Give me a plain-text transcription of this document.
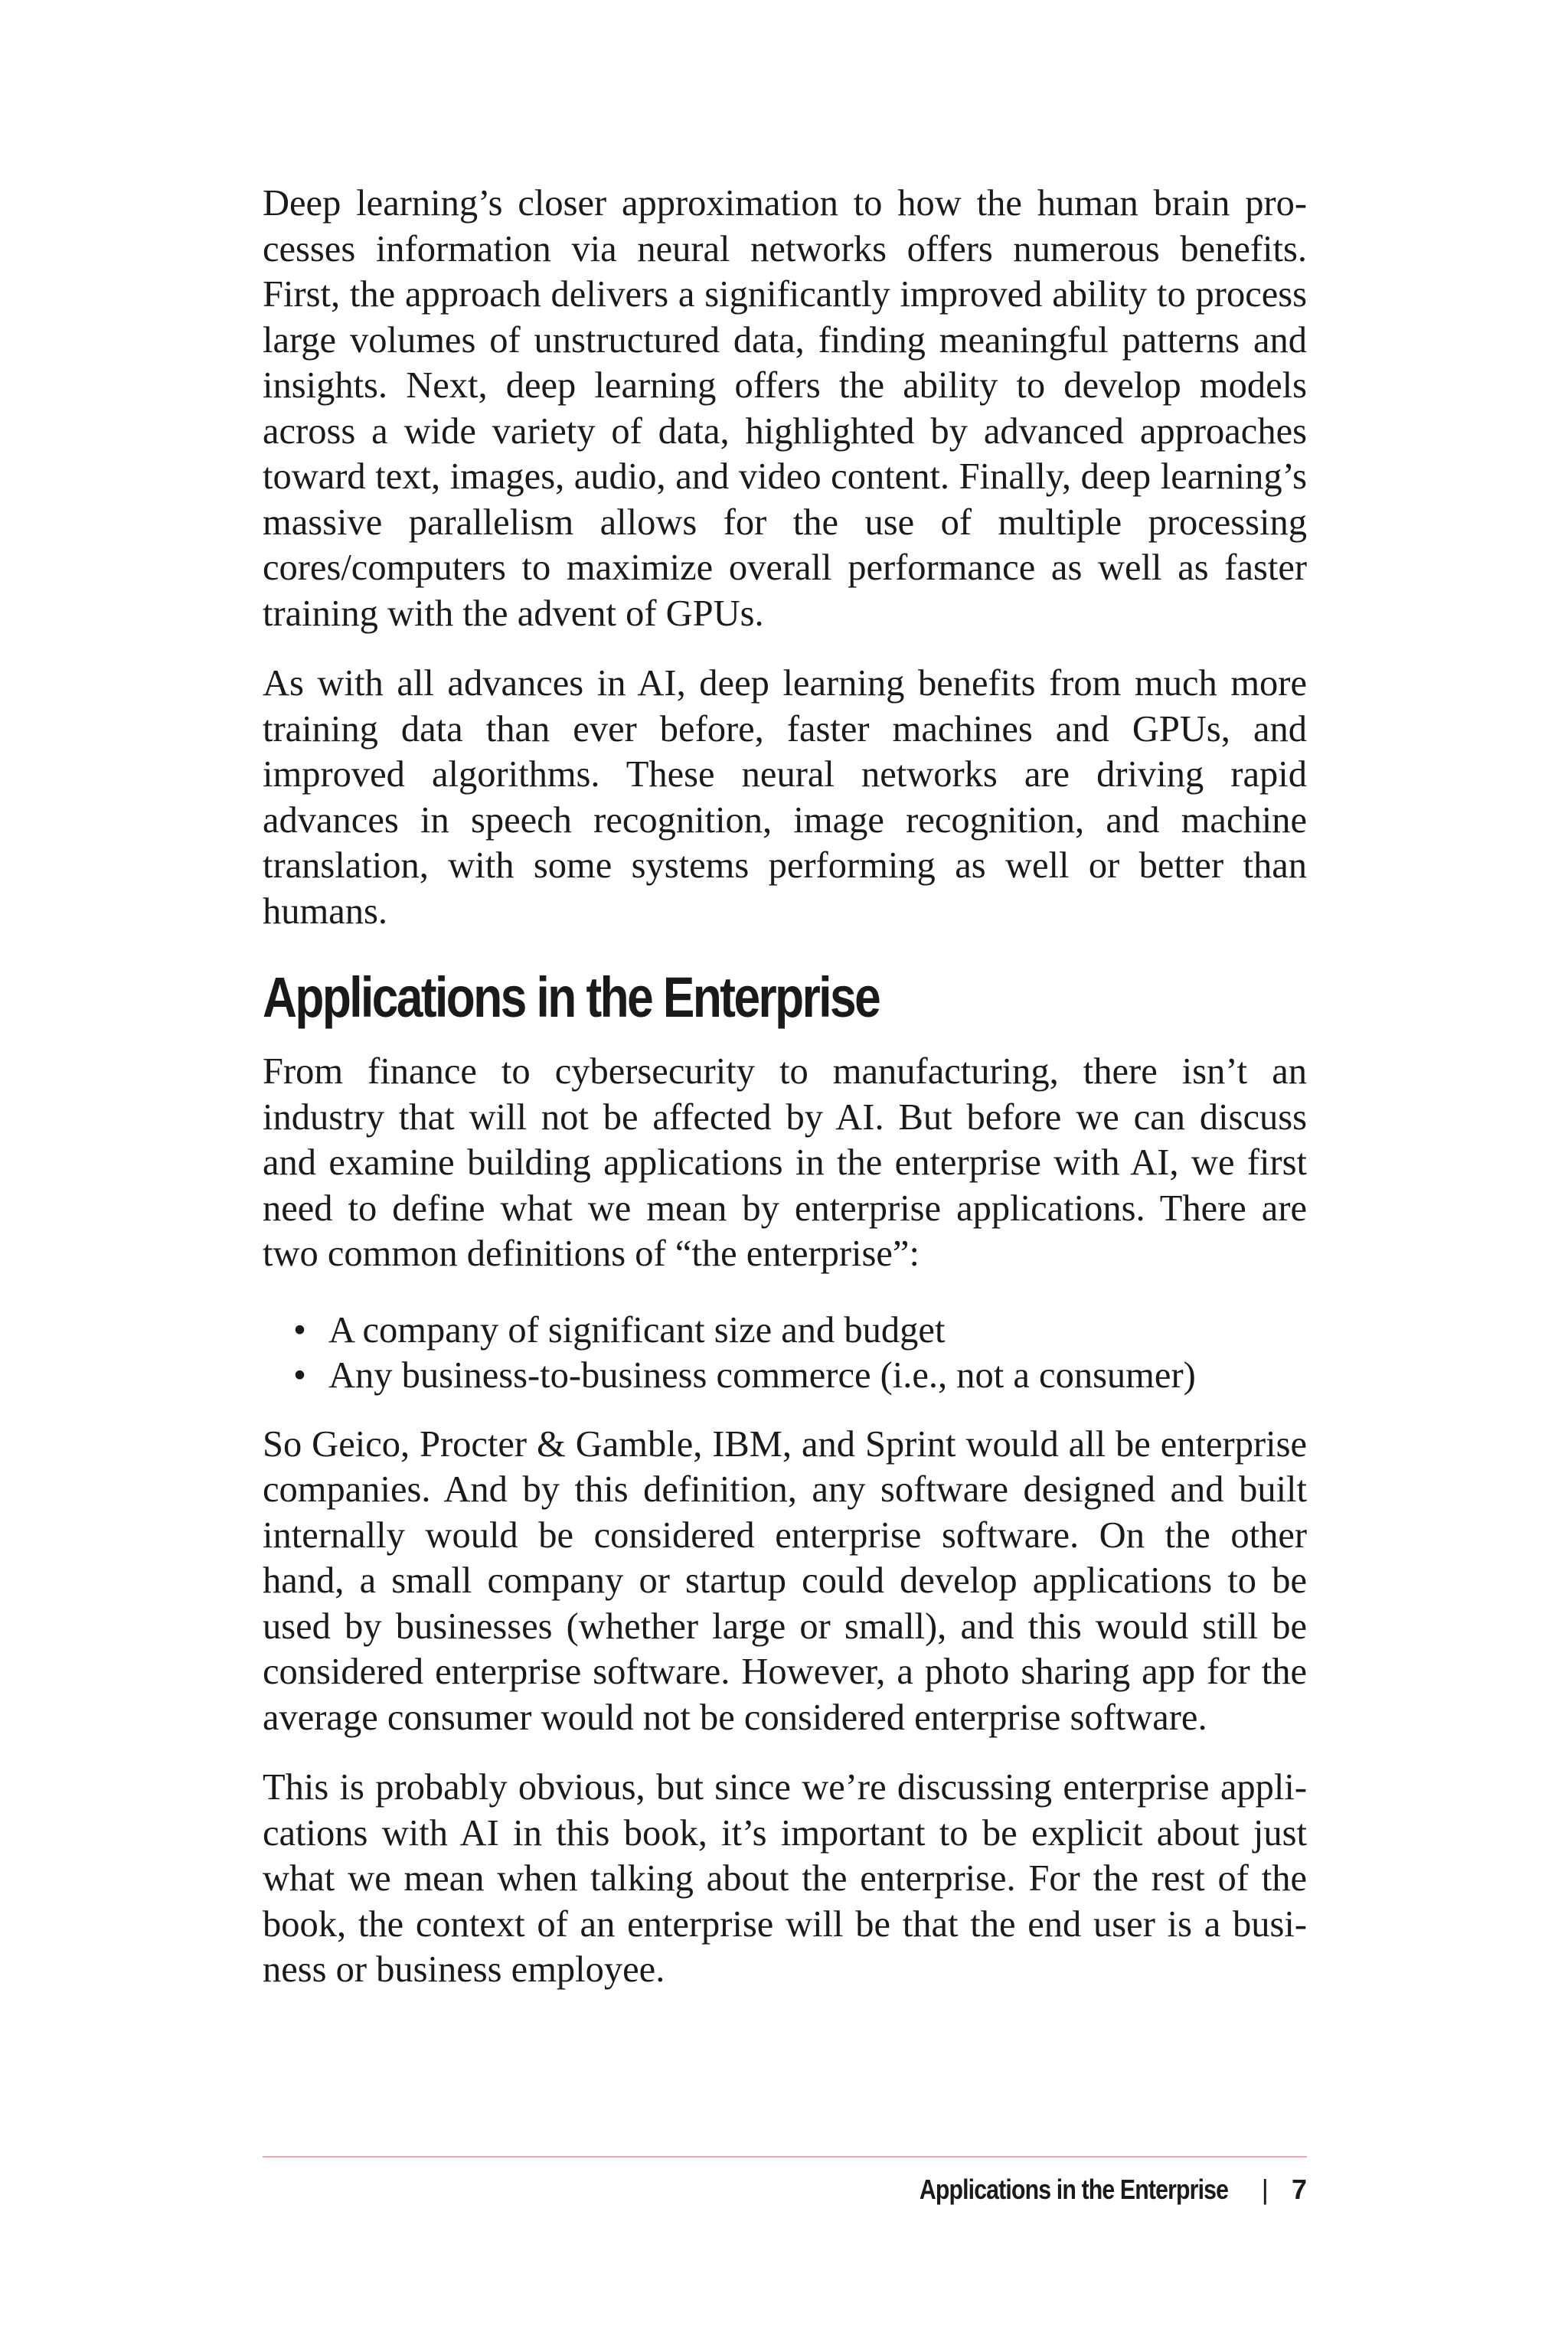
Deep learning’s closer approximation to how the human brain processes information via neural networks offers numerous benefits. First, the approach delivers a significantly improved ability to process large volumes of unstructured data, finding meaningful patterns and insights. Next, deep learning offers the ability to develop models across a wide variety of data, highlighted by advanced approaches toward text, images, audio, and video content. Finally, deep learning’s massive parallelism allows for the use of multiple processing cores/computers to maximize overall performance as well as faster training with the advent of GPUs.

As with all advances in AI, deep learning benefits from much more training data than ever before, faster machines and GPUs, and improved algorithms. These neural networks are driving rapid advances in speech recognition, image recognition, and machine translation, with some systems performing as well or better than humans.

Applications in the Enterprise

From finance to cybersecurity to manufacturing, there isn’t an industry that will not be affected by AI. But before we can discuss and examine building applications in the enterprise with AI, we first need to define what we mean by enterprise applications. There are two common definitions of “the enterprise”:

• A company of significant size and budget
• Any business-to-business commerce (i.e., not a consumer)

So Geico, Procter & Gamble, IBM, and Sprint would all be enterprise companies. And by this definition, any software designed and built internally would be considered enterprise software. On the other hand, a small company or startup could develop applications to be used by businesses (whether large or small), and this would still be considered enterprise software. However, a photo sharing app for the average consumer would not be considered enterprise software.

This is probably obvious, but since we’re discussing enterprise applications with AI in this book, it’s important to be explicit about just what we mean when talking about the enterprise. For the rest of the book, the context of an enterprise will be that the end user is a business or business employee.

Applications in the Enterprise | 7
